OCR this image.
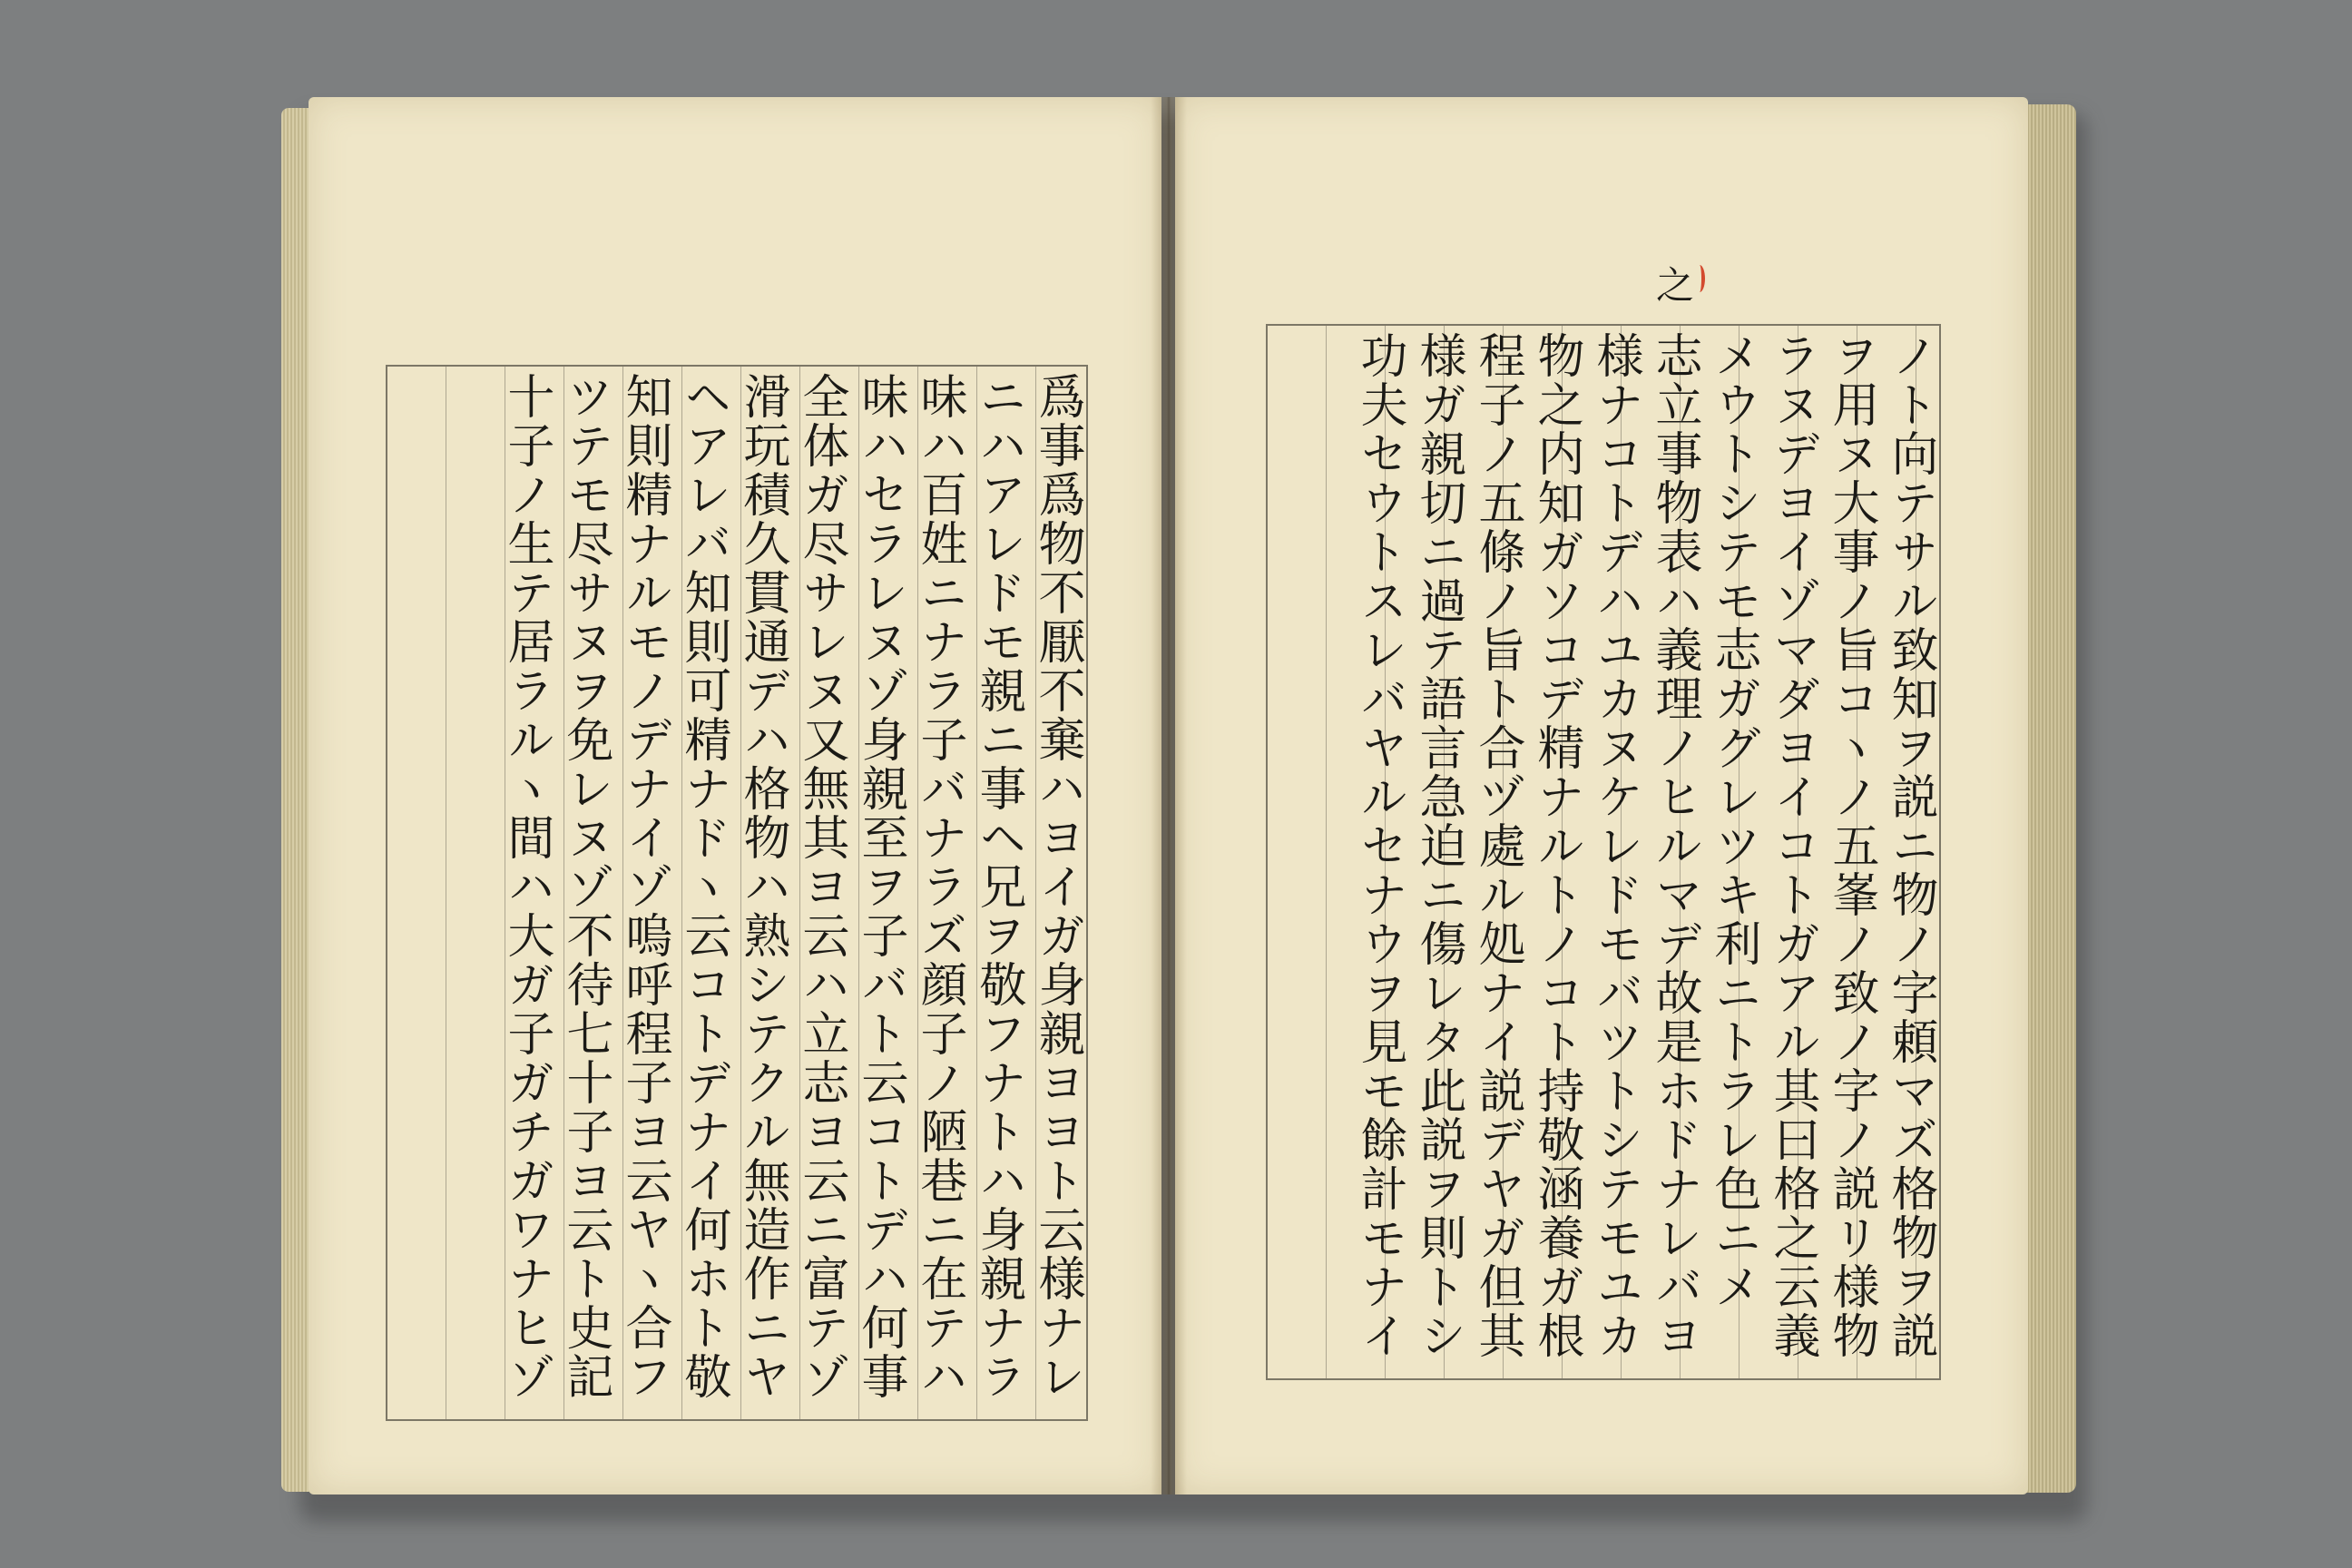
爲事爲物不厭不棄ハヨイガ身親ヨヨト云様ナレ
ニハアレドモ親ニ事ヘ兄ヲ敬フナトハ身親ナラ
味ハ百姓ニナラ子バナラズ顔子ノ陋巷ニ在テハ
味ハセラレヌゾ身親至ヲ子バト云コトデハ何事
全体ガ尽サレヌ又無其ヨ云ハ立志ヨ云ニ富テゾ
滑玩積久貫通デハ格物ハ熟シテクル無造作ニヤ
ヘアレバ知則可精ナドヽ云コトデナイ何ホト敬
知則精ナルモノデナイゾ嗚呼程子ヨ云ヤヽ合フ
ツテモ尽サヌヲ免レヌゾ不待七十子ヨ云ト史記
十子ノ生テ居ラルヽ間ハ大ガ子ガチガワナヒゾ
之
ノト向テサル致知ヲ説ニ物ノ字頼マズ格物ヲ説
ヲ用ヌ大事ノ旨コヽノ五峯ノ致ノ字ノ説リ様物
ラヌデヨイゾマダヨイコトガアル其曰格之云義
メウトシテモ志ガグレツキ利ニトラレ色ニメ
志立事物表ハ義理ノヒルマデ故是ホドナレバヨ
様ナコトデハユカヌケレドモバツトシテモユカ
物之内知ガソコデ精ナルトノコト持敬涵養ガ根
程子ノ五條ノ旨ト合ヅ處ル処ナイ説デヤガ但其
様ガ親切ニ過テ語言急迫ニ傷レタ此説ヲ則トシ
功夫セウトスレバヤルセナウヲ見モ餘計モナイ
